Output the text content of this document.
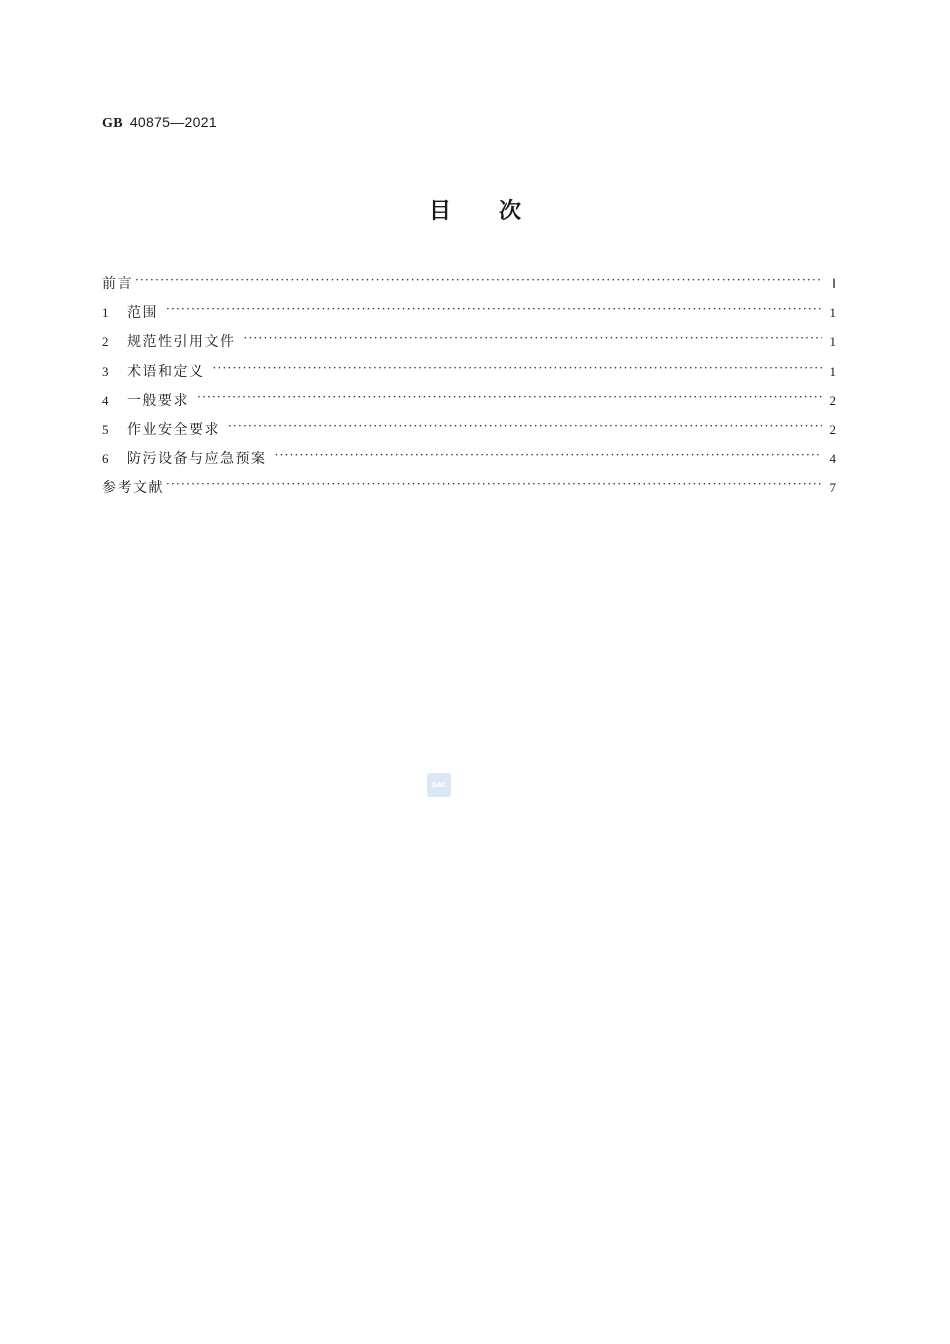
GB 40875—2021
目次
前言 ·····	Ⅰ
1	范围 ·····	1
2	规范性引用文件 ·····	1
3	术语和定义 ·····	1
4	一般要求 ·····	2
5	作业安全要求 ·····	2
6	防污设备与应急预案 ·····	4
参考文献 ·····	7
SAC
